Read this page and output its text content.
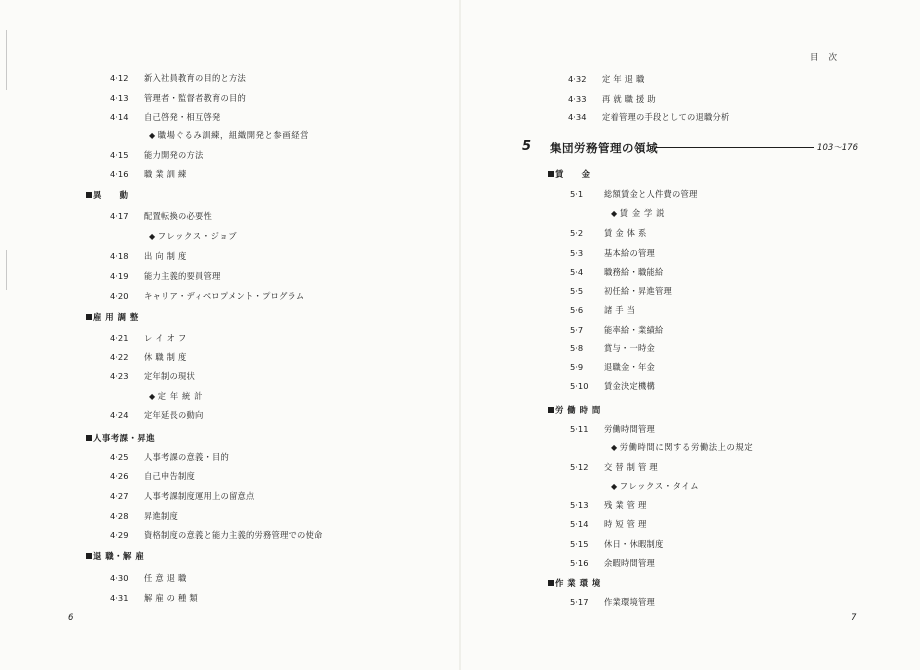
4·12 新入社員教育の目的と方法
4·13 管理者・監督者教育の目的
4·14 自己啓発・相互啓発
◆ 職場ぐるみ訓練，組織開発と参画経営
4·15 能力開発の方法
4·16 職 業 訓 練
異　　動
4·17 配置転換の必要性
◆ フレックス・ジョブ
4·18 出 向 制 度
4·19 能力主義的要員管理
4·20 キャリア・ディベロプメント・プログラム
雇 用 調 整
4·21 レ イ オ フ
4·22 休 職 制 度
4·23 定年制の現状
◆ 定 年 統 計
4·24 定年延長の動向
人事考課・昇進
4·25 人事考課の意義・目的
4·26 自己申告制度
4·27 人事考課制度運用上の留意点
4·28 昇進制度
4·29 資格制度の意義と能力主義的労務管理での使命
退 職・解 雇
4·30 任 意 退 職
4·31 解 雇 の 種 類
4·32 定 年 退 職
4·33 再 就 職 援 助
4·34 定着管理の手段としての退職分析
賃　　金
5·1	総額賃金と人件費の管理
◆ 賃 金 学 説
5·2	賃 金 体 系
5·3	基本給の管理
5·4	職務給・職能給
5·5	初任給・昇進管理
5·6	諸 手 当
5·7	能率給・業績給
5·8	賞与・一時金
5·9	退職金・年金
5·10 賃金決定機構
労 働 時 間
5·11 労働時間管理
◆ 労働時間に関する労働法上の規定
5·12 交 替 制 管 理
◆ フレックス・タイム
5·13 残 業 管 理
5·14 時 短 管 理
5·15 休日・休暇制度
5·16 余暇時間管理
作 業 環 境
5·17 作業環境管理
目次
5 集団労務管理の領域	103〜176
6	7
